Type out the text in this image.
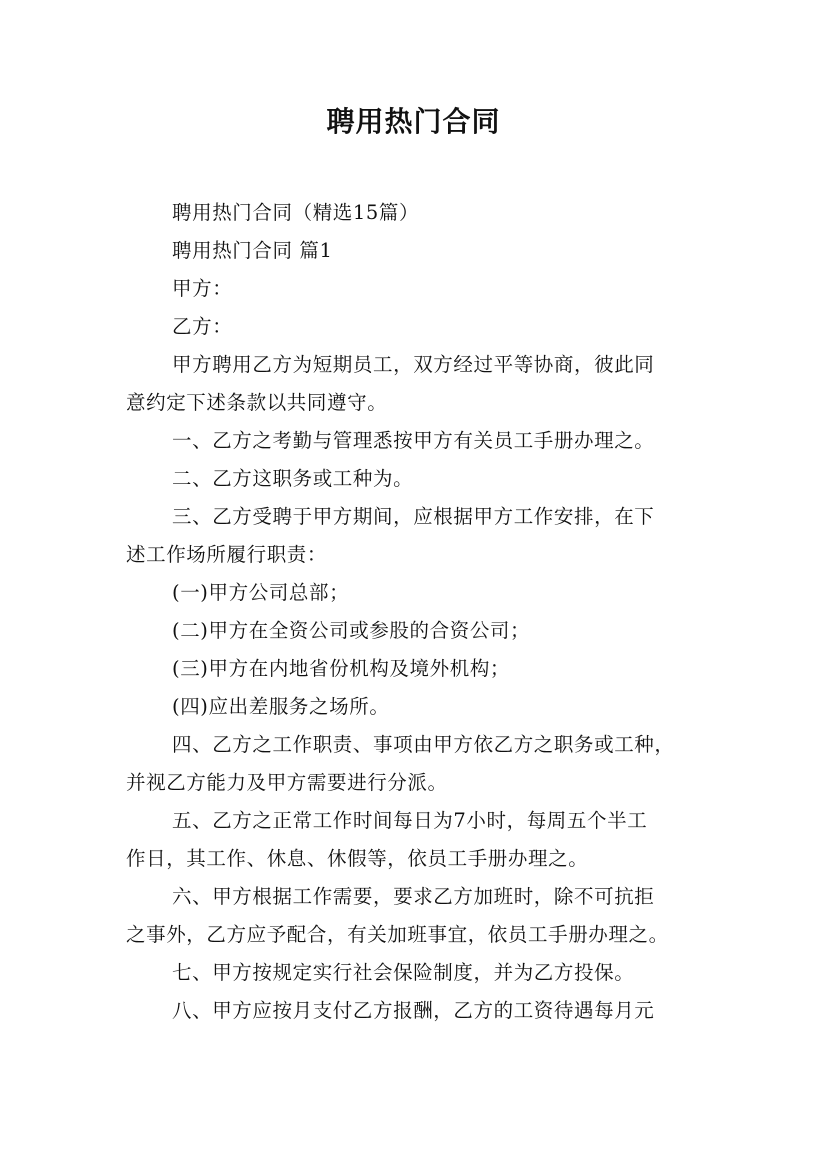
聘用热门合同
聘用热门合同（精选15篇）
聘用热门合同 篇1
甲方：
乙方：
甲方聘用乙方为短期员工，双方经过平等协商，彼此同
意约定下述条款以共同遵守。
一、乙方之考勤与管理悉按甲方有关员工手册办理之。
二、乙方这职务或工种为。
三、乙方受聘于甲方期间，应根据甲方工作安排，在下
述工作场所履行职责：
(一)甲方公司总部；
(二)甲方在全资公司或参股的合资公司；
(三)甲方在内地省份机构及境外机构；
(四)应出差服务之场所。
四、乙方之工作职责、事项由甲方依乙方之职务或工种，
并视乙方能力及甲方需要进行分派。
五、乙方之正常工作时间每日为7小时，每周五个半工
作日，其工作、休息、休假等，依员工手册办理之。
六、甲方根据工作需要，要求乙方加班时，除不可抗拒
之事外，乙方应予配合，有关加班事宜，依员工手册办理之。
七、甲方按规定实行社会保险制度，并为乙方投保。
八、甲方应按月支付乙方报酬，乙方的工资待遇每月元
